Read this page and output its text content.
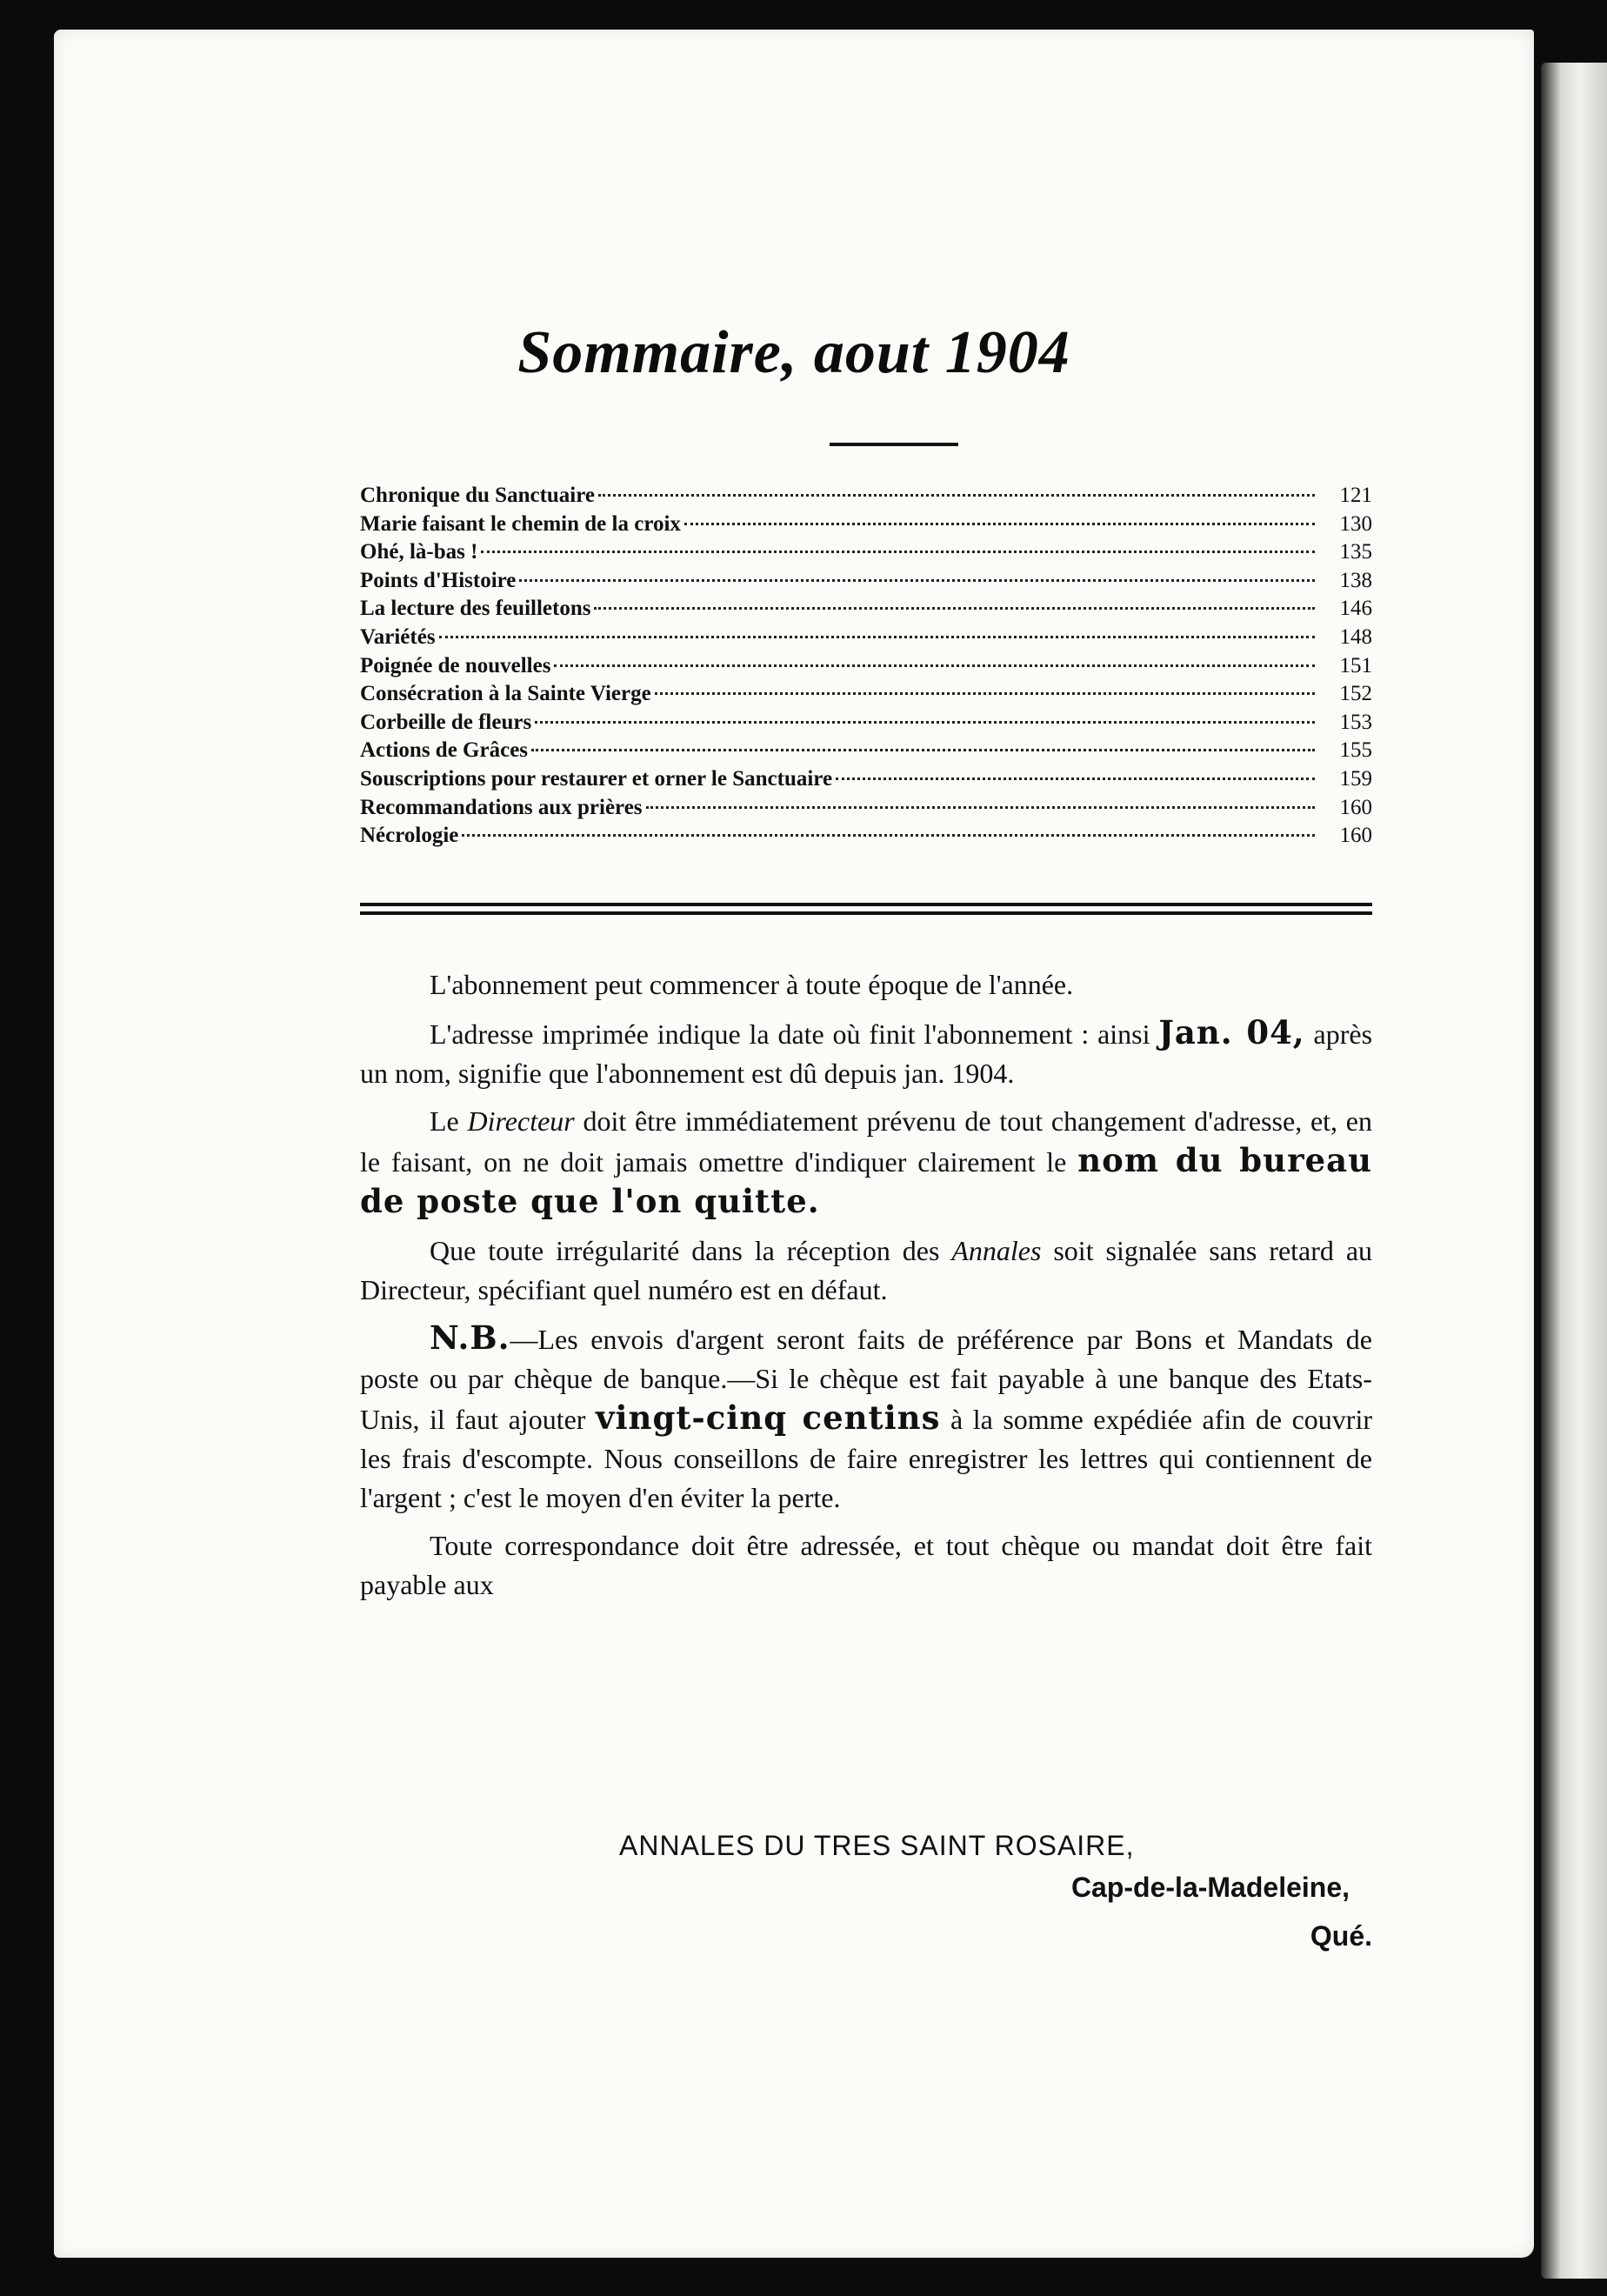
Sommaire, aout 1904
Chronique du Sanctuaire	121
Marie faisant le chemin de la croix	130
Ohé, là-bas !	135
Points d'Histoire	138
La lecture des feuilletons	146
Variétés	148
Poignée de nouvelles	151
Consécration à la Sainte Vierge	152
Corbeille de fleurs	153
Actions de Grâces	155
Souscriptions pour restaurer et orner le Sanctuaire	159
Recommandations aux prières	160
Nécrologie	160

L'abonnement peut commencer à toute époque de l'année.

L'adresse imprimée indique la date où finit l'abonnement : ainsi Jan. 04, après un nom, signifie que l'abonnement est dû depuis jan. 1904.

Le Directeur doit être immédiatement prévenu de tout changement d'adresse, et, en le faisant, on ne doit jamais omettre d'indiquer clairement le nom du bureau de poste que l'on quitte.

Que toute irrégularité dans la réception des Annales soit signalée sans retard au Directeur, spécifiant quel numéro est en défaut.

N.B.—Les envois d'argent seront faits de préférence par Bons et Mandats de poste ou par chèque de banque.—Si le chèque est fait payable à une banque des Etats-Unis, il faut ajouter vingt-cinq centins à la somme expédiée afin de couvrir les frais d'escompte. Nous conseillons de faire enregistrer les lettres qui contiennent de l'argent ; c'est le moyen d'en éviter la perte.

Toute correspondance doit être adressée, et tout chèque ou mandat doit être fait payable aux

ANNALES DU TRES SAINT ROSAIRE,
Cap-de-la-Madeleine,
Qué.
